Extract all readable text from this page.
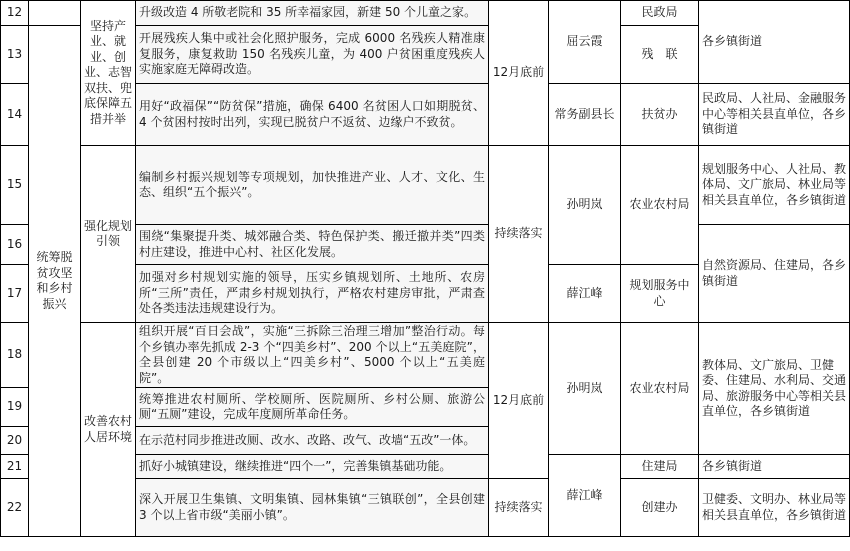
12		坚持产业、就业、创业、志智双扶、兜底保障五措并举	升级改造 4 所敬老院和 35 所幸福家园，新建 50 个儿童之家。	12月底前	屈云霞	民政局	各乡镇街道
13	统筹脱贫攻坚和乡村振兴		开展残疾人集中或社会化照护服务，完成 6000 名残疾人精准康复服务，康复救助 150 名残疾儿童，为 400 户贫困重度残疾人实施家庭无障碍改造。			残　联	
14			用好“政福保”“防贫保”措施，确保 6400 名贫困人口如期脱贫、4 个贫困村按时出列，实现已脱贫户不返贫、边缘户不致贫。		常务副县长	扶贫办	民政局、人社局、金融服务中心等相关县直单位，各乡镇街道
15		强化规划引领	编制乡村振兴规划等专项规划，加快推进产业、人才、文化、生态、组织“五个振兴”。	持续落实	孙明岚	农业农村局	规划服务中心、人社局、教体局、文广旅局、林业局等相关县直单位，各乡镇街道
16			围绕“集聚提升类、城郊融合类、特色保护类、搬迁撤并类”四类村庄建设，推进中心村、社区化发展。				自然资源局、住建局，各乡镇街道
17			加强对乡村规划实施的领导，压实乡镇规划所、土地所、农房所“三所”责任，严肃乡村规划执行，严格农村建房审批，严肃查处各类违法违规建设行为。		薛江峰	规划服务中心	
18		改善农村人居环境	组织开展“百日会战”，实施“三拆除三治理三增加”整治行动。每个乡镇办率先抓成 2-3 个“四美乡村”、200 个以上“五美庭院”，全县创建 20 个市级以上“四美乡村”、5000 个以上“五美庭院”。	12月底前	孙明岚	农业农村局	教体局、文广旅局、卫健委、住建局、水利局、交通局、旅游服务中心等相关县直单位，各乡镇街道
19			统筹推进农村厕所、学校厕所、医院厕所、乡村公厕、旅游公厕“五厕”建设，完成年度厕所革命任务。				
20			在示范村同步推进改厕、改水、改路、改气、改墙“五改”一体。				
21			抓好小城镇建设，继续推进“四个一”，完善集镇基础功能。		薛江峰	住建局	各乡镇街道
22			深入开展卫生集镇、文明集镇、园林集镇“三镇联创”，全县创建 3 个以上省市级“美丽小镇”。	持续落实		创建办	卫健委、文明办、林业局等相关县直单位，各乡镇街道
